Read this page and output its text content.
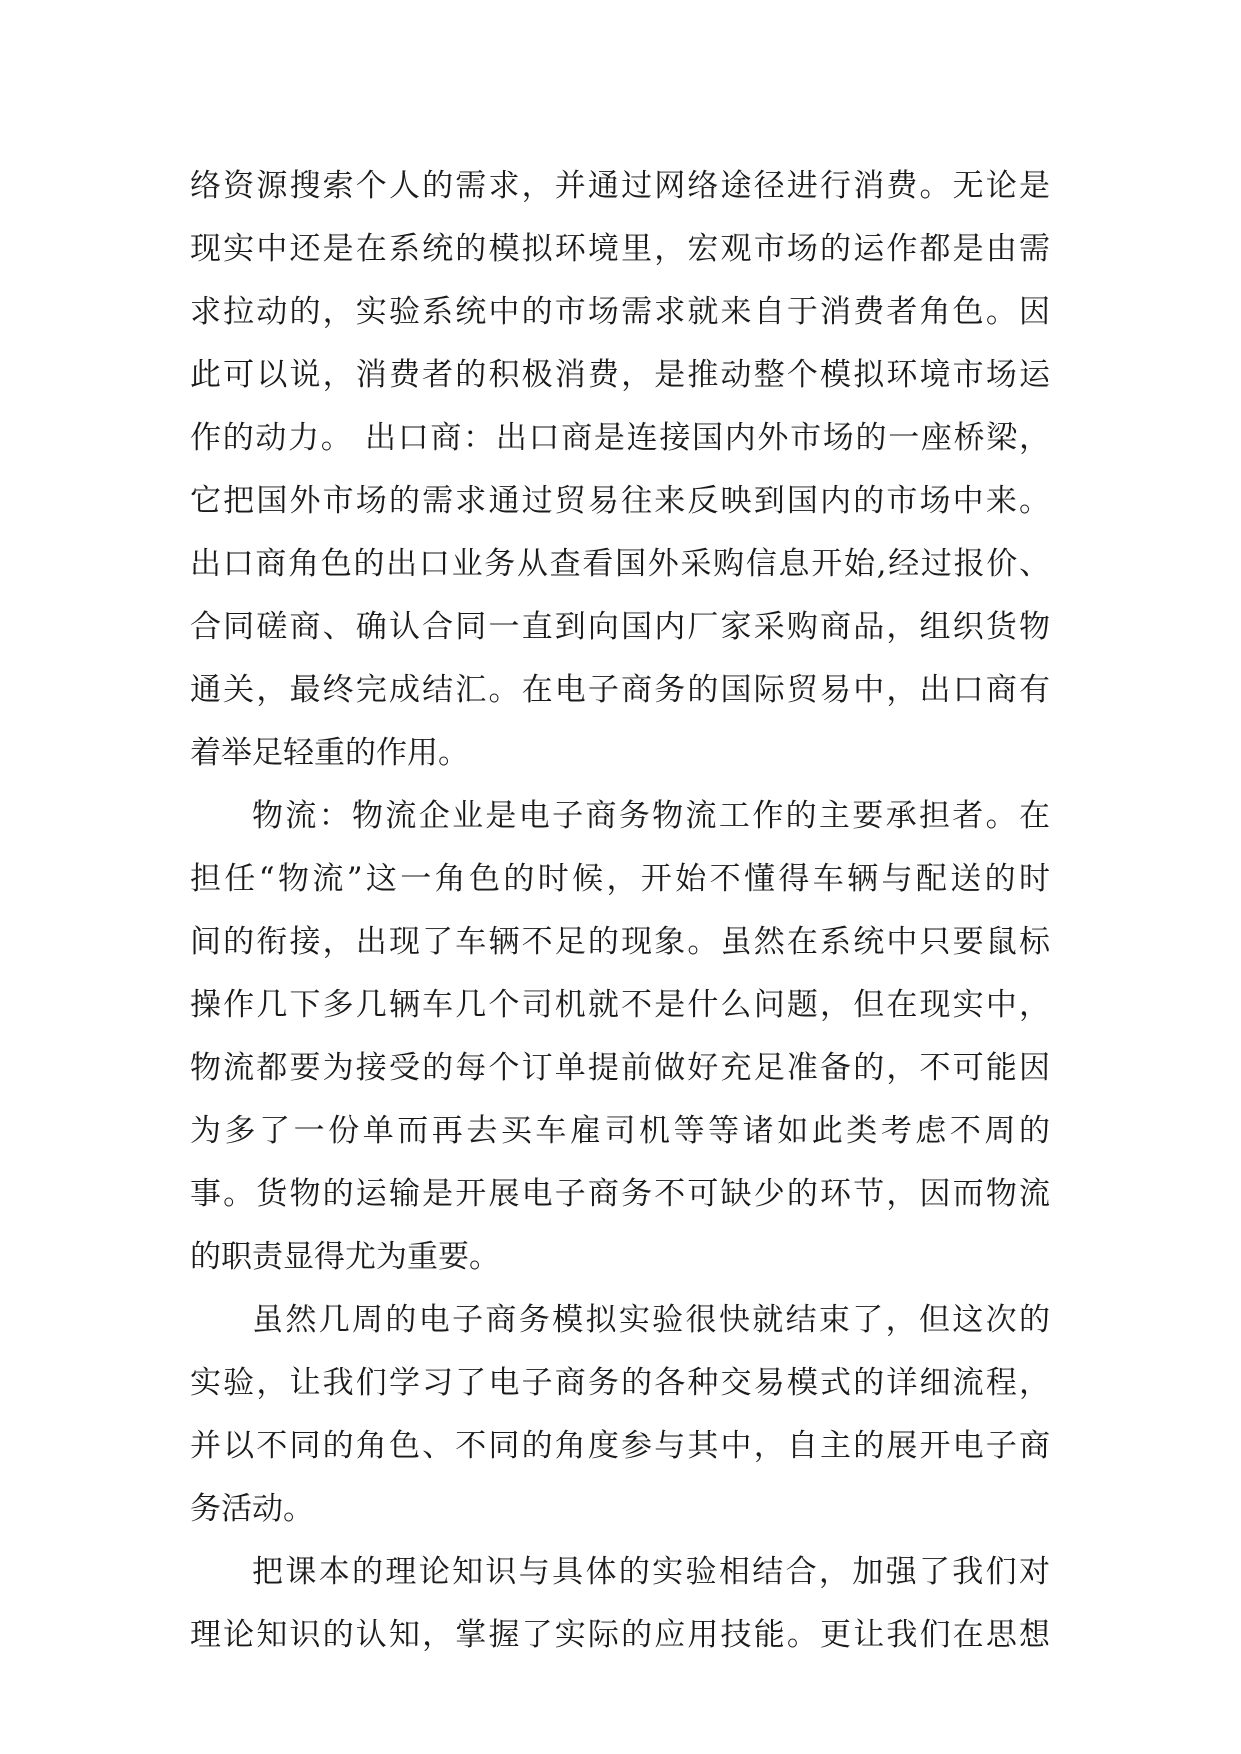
络资源搜索个人的需求，并通过网络途径进行消费。无论是
现实中还是在系统的模拟环境里，宏观市场的运作都是由需
求拉动的，实验系统中的市场需求就来自于消费者角色。因
此可以说，消费者的积极消费，是推动整个模拟环境市场运
作的动力。 出口商：出口商是连接国内外市场的一座桥梁，
它把国外市场的需求通过贸易往来反映到国内的市场中来。
出口商角色的出口业务从查看国外采购信息开始,经过报价、
合同磋商、确认合同一直到向国内厂家采购商品，组织货物
通关，最终完成结汇。在电子商务的国际贸易中，出口商有
着举足轻重的作用。
物流：物流企业是电子商务物流工作的主要承担者。在
担任“物流”这一角色的时候，开始不懂得车辆与配送的时
间的衔接，出现了车辆不足的现象。虽然在系统中只要鼠标
操作几下多几辆车几个司机就不是什么问题，但在现实中，
物流都要为接受的每个订单提前做好充足准备的，不可能因
为多了一份单而再去买车雇司机等等诸如此类考虑不周的
事。货物的运输是开展电子商务不可缺少的环节，因而物流
的职责显得尤为重要。
虽然几周的电子商务模拟实验很快就结束了，但这次的
实验，让我们学习了电子商务的各种交易模式的详细流程，
并以不同的角色、不同的角度参与其中，自主的展开电子商
务活动。
把课本的理论知识与具体的实验相结合，加强了我们对
理论知识的认知，掌握了实际的应用技能。更让我们在思想
